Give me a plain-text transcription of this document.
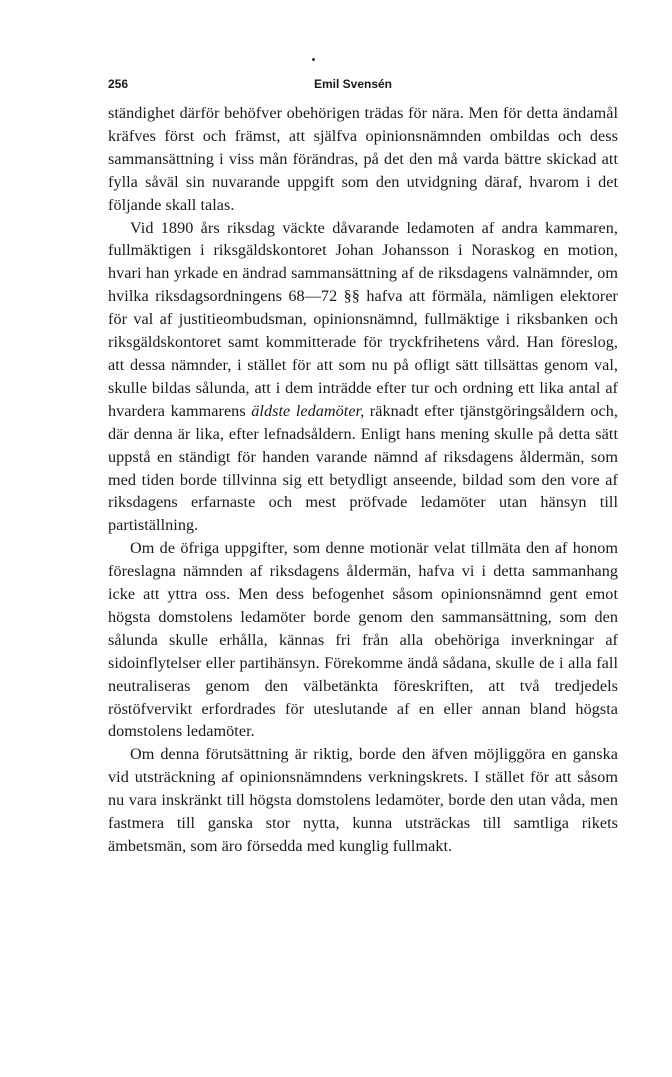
256	Emil Svensén

ständighet därför behöfver obehörigen trädas för nära. Men för detta ändamål kräfves först och främst, att själfva opinionsnämnden ombildas och dess sammansättning i viss mån förändras, på det den må varda bättre skickad att fylla såväl sin nuvarande uppgift som den utvidgning däraf, hvarom i det följande skall talas.

Vid 1890 års riksdag väckte dåvarande ledamoten af andra kammaren, fullmäktigen i riksgäldskontoret Johan Johansson i Noraskog en motion, hvari han yrkade en ändrad sammansättning af de riksdagens valnämnder, om hvilka riksdagsordningens 68—72 §§ hafva att förmäla, nämligen elektorer för val af justitieombudsman, opinionsnämnd, fullmäktige i riksbanken och riksgäldskontoret samt kommitterade för tryckfrihetens vård. Han föreslog, att dessa nämnder, i stället för att som nu på ofligt sätt tillsättas genom val, skulle bildas sålunda, att i dem inträdde efter tur och ordning ett lika antal af hvardera kammarens äldste ledamöter, räknadt efter tjänstgöringsåldern och, där denna är lika, efter lefnadsåldern. Enligt hans mening skulle på detta sätt uppstå en ständigt för handen varande nämnd af riksdagens åldermän, som med tiden borde tillvinna sig ett betydligt anseende, bildad som den vore af riksdagens erfarnaste och mest pröfvade ledamöter utan hänsyn till partiställning.

Om de öfriga uppgifter, som denne motionär velat tillmäta den af honom föreslagna nämnden af riksdagens åldermän, hafva vi i detta sammanhang icke att yttra oss. Men dess befogenhet såsom opinionsnämnd gent emot högsta domstolens ledamöter borde genom den sammansättning, som den sålunda skulle erhålla, kännas fri från alla obehöriga inverkningar af sidoinflytelser eller partihänsyn. Förekomme ändå sådana, skulle de i alla fall neutraliseras genom den välbetänkta föreskriften, att två tredjedels röstöfvervikt erfordrades för uteslutande af en eller annan bland högsta domstolens ledamöter.

Om denna förutsättning är riktig, borde den äfven möjliggöra en ganska vid utsträckning af opinionsnämndens verkningskrets. I stället för att såsom nu vara inskränkt till högsta domstolens ledamöter, borde den utan våda, men fastmera till ganska stor nytta, kunna utsträckas till samtliga rikets ämbetsmän, som äro försedda med kunglig fullmakt.
